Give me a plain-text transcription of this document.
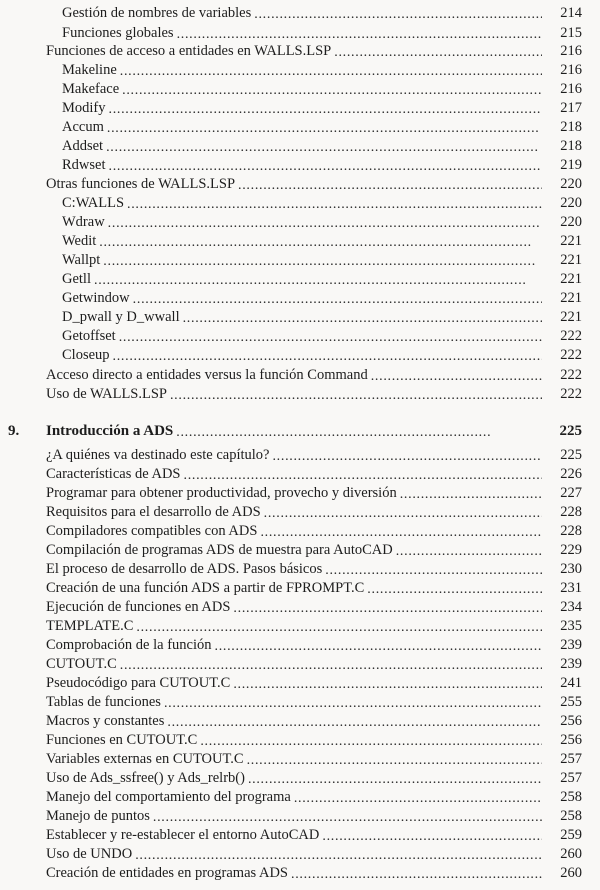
Gestión de nombres de variables . . .	214
Funciones globales . . .	215
Funciones de acceso a entidades en WALLS.LSP . . .	216
Makeline . . .	216
Makeface . . .	216
Modify . . .	217
Accum . . .	218
Addset . . .	218
Rdwset . . .	219
Otras funciones de WALLS.LSP . . .	220
C:WALLS . . .	220
Wdraw . . .	220
Wedit . . .	221
Wallpt . . .	221
Getll . . .	221
Getwindow . . .	221
D_pwall y D_wwall . . .	221
Getoffset . . .	222
Closeup . . .	222
Acceso directo a entidades versus la función Command . . .	222
Uso de WALLS.LSP . . .	222
9.	Introducción a ADS . . .	225
¿A quiénes va destinado este capítulo? . . .	225
Características de ADS . . .	226
Programar para obtener productividad, provecho y diversión . . .	227
Requisitos para el desarrollo de ADS . . .	228
Compiladores compatibles con ADS . . .	228
Compilación de programas ADS de muestra para AutoCAD . . .	229
El proceso de desarrollo de ADS. Pasos básicos . . .	230
Creación de una función ADS a partir de FPROMPT.C . . .	231
Ejecución de funciones en ADS . . .	234
TEMPLATE.C . . .	235
Comprobación de la función . . .	239
CUTOUT.C . . .	239
Pseudocódigo para CUTOUT.C . . .	241
Tablas de funciones . . .	255
Macros y constantes . . .	256
Funciones en CUTOUT.C . . .	256
Variables externas en CUTOUT.C . . .	257
Uso de Ads_ssfree() y Ads_relrb() . . .	257
Manejo del comportamiento del programa . . .	258
Manejo de puntos . . .	258
Establecer y re-establecer el entorno AutoCAD . . .	259
Uso de UNDO . . .	260
Creación de entidades en programas ADS . . .	260
